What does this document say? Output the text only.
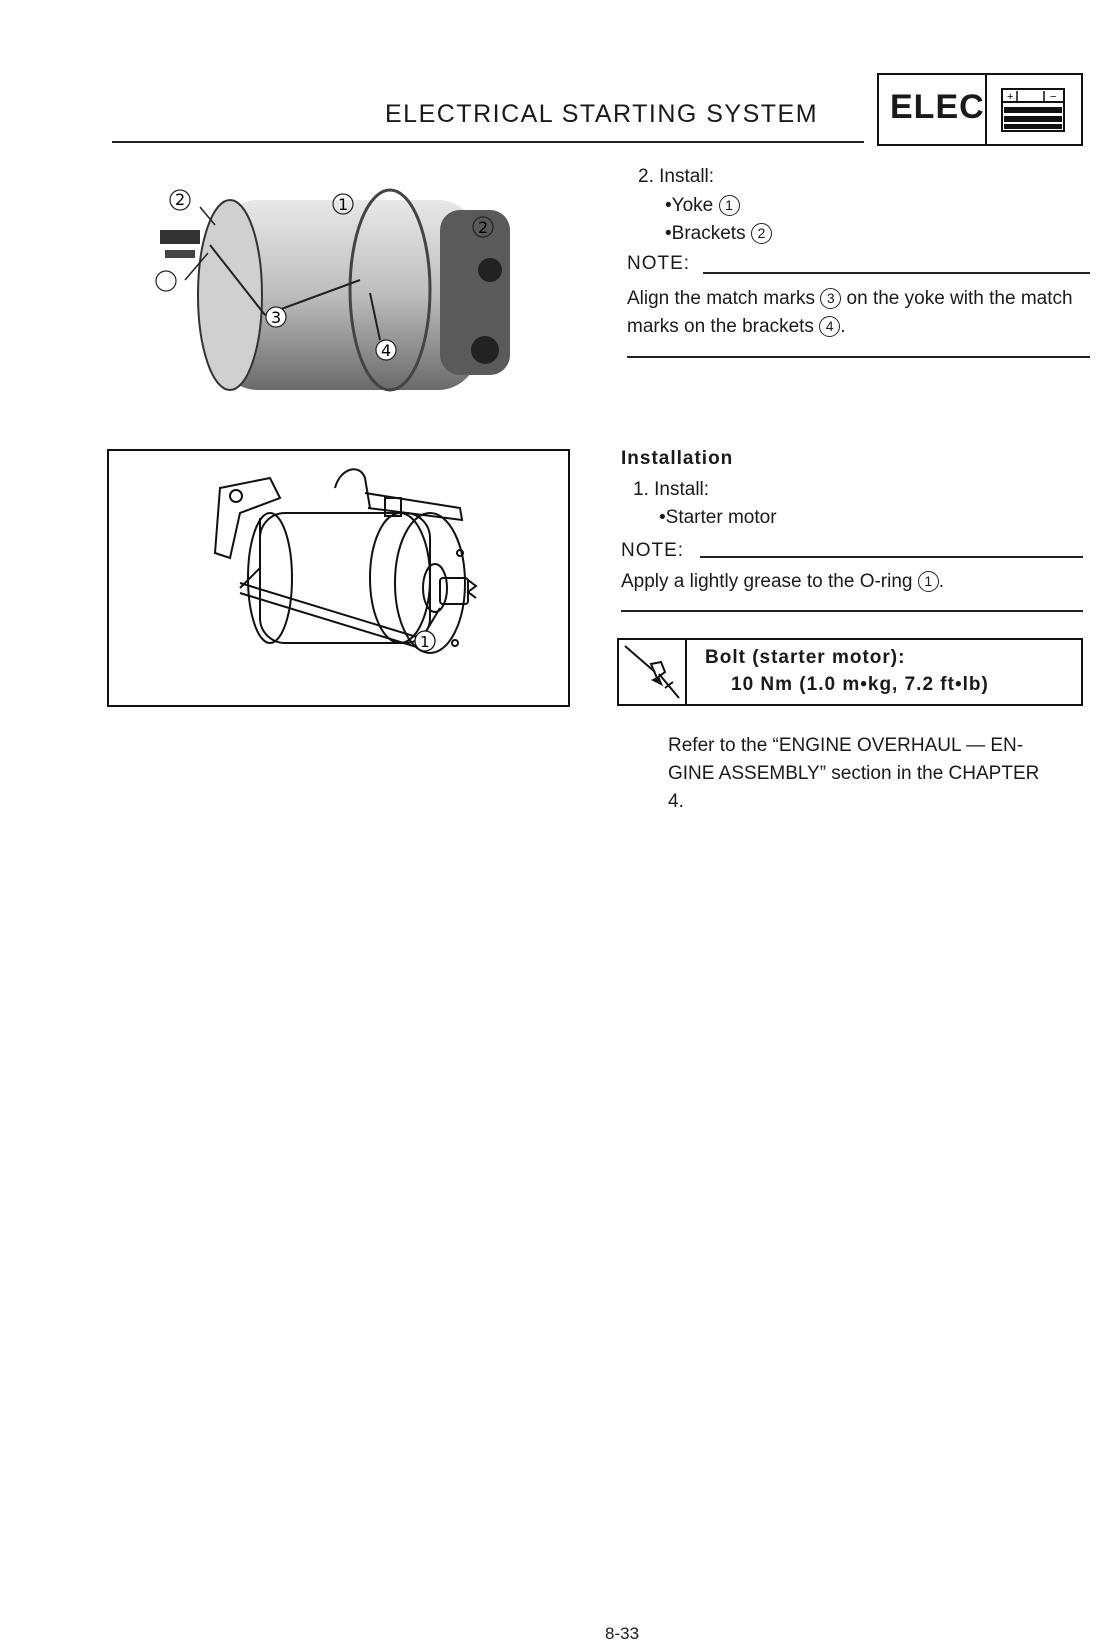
ELECTRICAL STARTING SYSTEM ELEC +	−
2	1
2
3
4
1
2. Install:
•Yoke 1
•Brackets 2
NOTE:
Align the match marks 3 on the yoke with the match marks on the brackets 4 .
Installation
1. Install:
•Starter motor
NOTE:
Apply a lightly grease to the O-ring 1 .
Bolt (starter motor):
10 Nm (1.0 m•kg, 7.2 ft•lb)
Refer to the “ENGINE OVERHAUL — EN-
GINE ASSEMBLY” section in the CHAPTER
4.
8-33
